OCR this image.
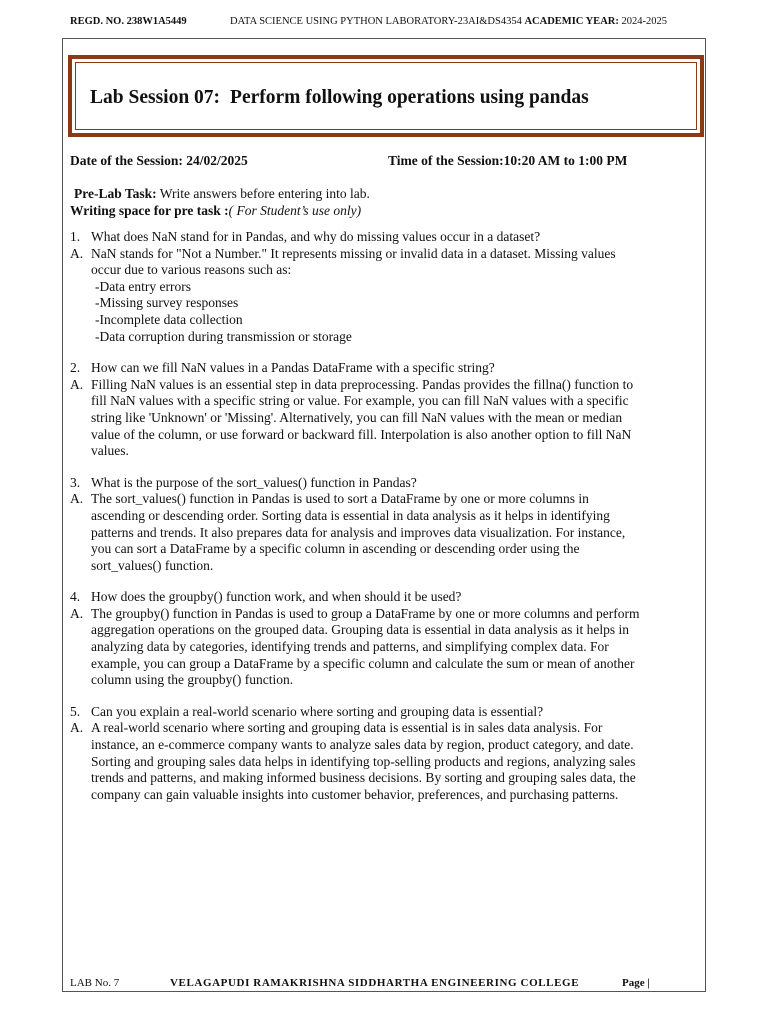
REGD. NO. 238W1A5449	DATA SCIENCE USING PYTHON LABORATORY-23AI&DS4354 ACADEMIC YEAR: 2024-2025
Lab Session 07: Perform following operations using pandas
Date of the Session: 24/02/2025	Time of the Session:10:20 AM to 1:00 PM
Pre-Lab Task: Write answers before entering into lab.
Writing space for pre task :( For Student’s use only)
1. What does NaN stand for in Pandas, and why do missing values occur in a dataset?
A. NaN stands for "Not a Number." It represents missing or invalid data in a dataset. Missing values occur due to various reasons such as:
-Data entry errors
-Missing survey responses
-Incomplete data collection
-Data corruption during transmission or storage
2. How can we fill NaN values in a Pandas DataFrame with a specific string?
A. Filling NaN values is an essential step in data preprocessing. Pandas provides the fillna() function to fill NaN values with a specific string or value. For example, you can fill NaN values with a specific string like 'Unknown' or 'Missing'. Alternatively, you can fill NaN values with the mean or median value of the column, or use forward or backward fill. Interpolation is also another option to fill NaN values.
3. What is the purpose of the sort_values() function in Pandas?
A. The sort_values() function in Pandas is used to sort a DataFrame by one or more columns in ascending or descending order. Sorting data is essential in data analysis as it helps in identifying patterns and trends. It also prepares data for analysis and improves data visualization. For instance, you can sort a DataFrame by a specific column in ascending or descending order using the sort_values() function.
4. How does the groupby() function work, and when should it be used?
A. The groupby() function in Pandas is used to group a DataFrame by one or more columns and perform aggregation operations on the grouped data. Grouping data is essential in data analysis as it helps in analyzing data by categories, identifying trends and patterns, and simplifying complex data. For example, you can group a DataFrame by a specific column and calculate the sum or mean of another column using the groupby() function.
5. Can you explain a real-world scenario where sorting and grouping data is essential?
A. A real-world scenario where sorting and grouping data is essential is in sales data analysis. For instance, an e-commerce company wants to analyze sales data by region, product category, and date. Sorting and grouping sales data helps in identifying top-selling products and regions, analyzing sales trends and patterns, and making informed business decisions. By sorting and grouping sales data, the company can gain valuable insights into customer behavior, preferences, and purchasing patterns.
LAB No. 7	VELAGAPUDI RAMAKRISHNA SIDDHARTHA ENGINEERING COLLEGE	Page |
